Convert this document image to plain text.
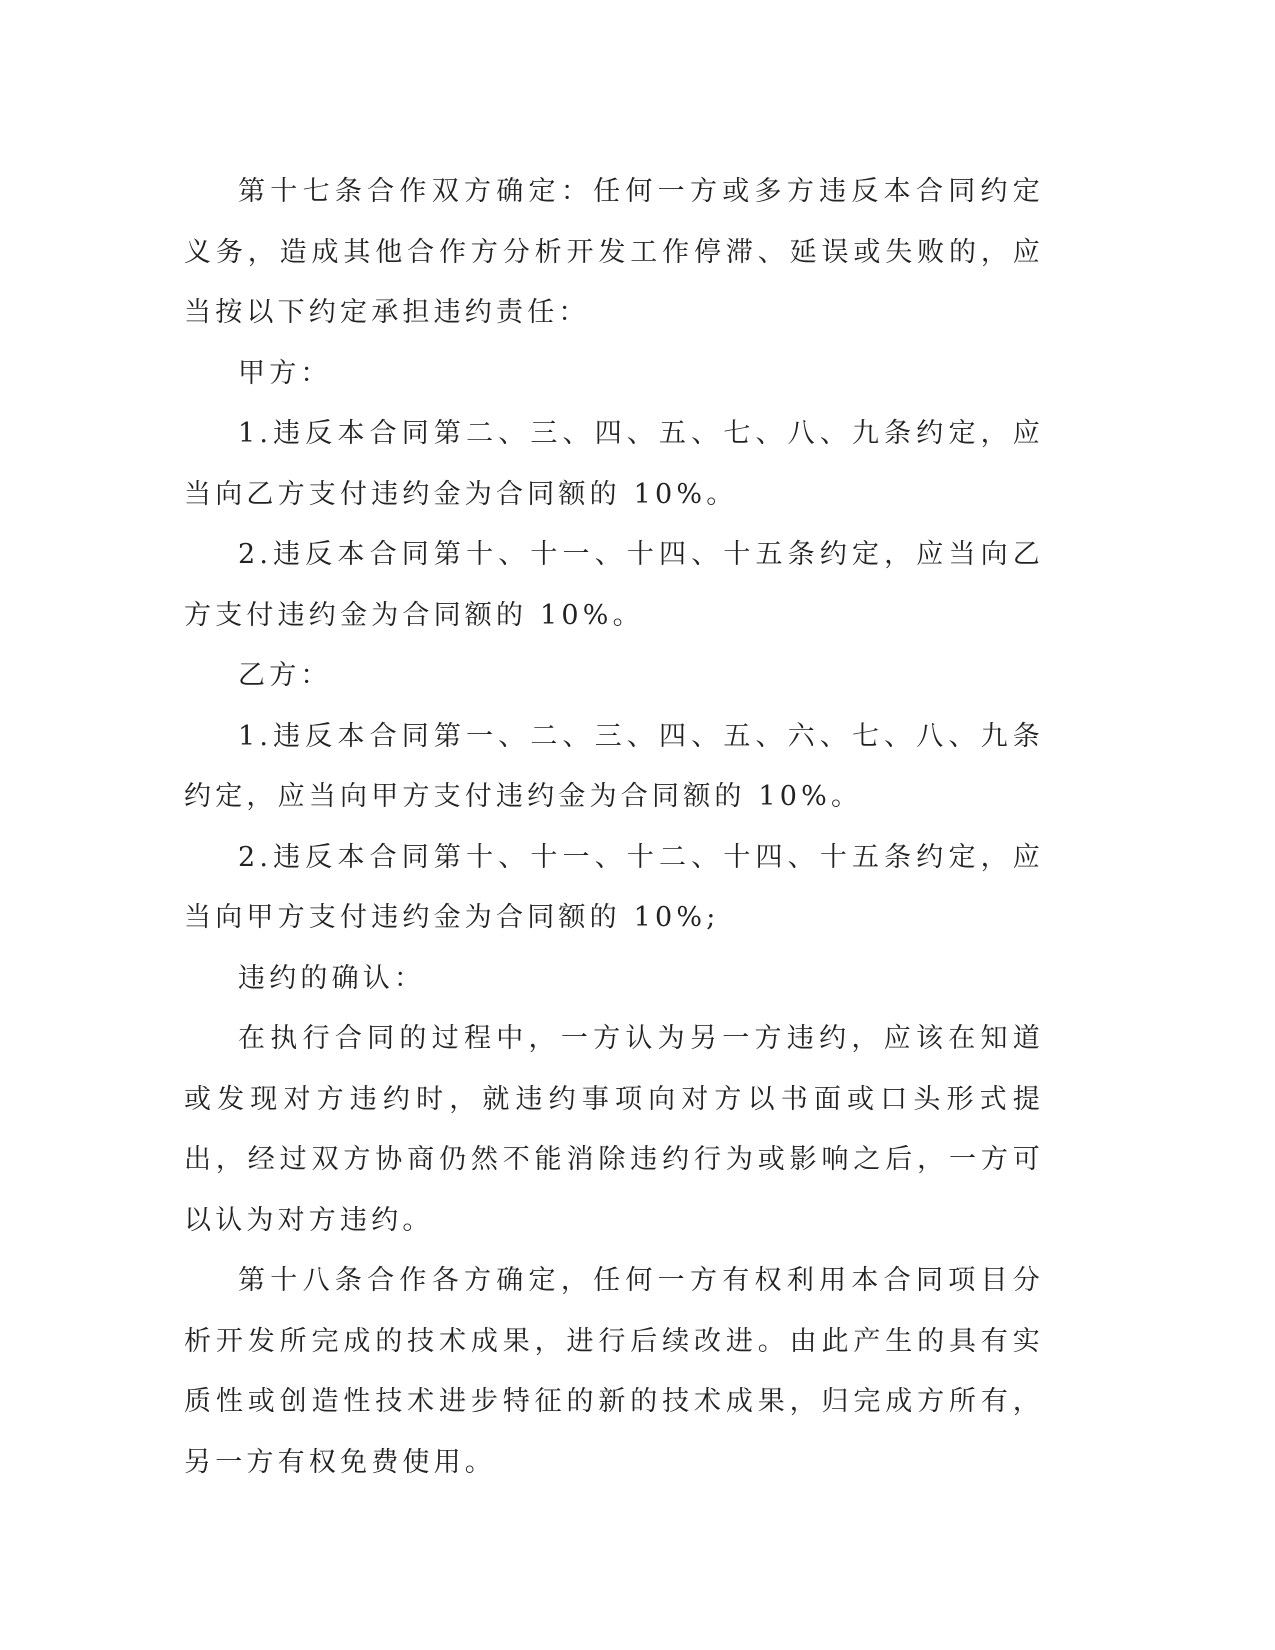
第十七条合作双方确定：任何一方或多方违反本合同约定义务，造成其他合作方分析开发工作停滞、延误或失败的，应当按以下约定承担违约责任：

甲方：

1.违反本合同第二、三、四、五、七、八、九条约定，应当向乙方支付违约金为合同额的 10%。

2.违反本合同第十、十一、十四、十五条约定，应当向乙方支付违约金为合同额的 10%。

乙方：

1.违反本合同第一、二、三、四、五、六、七、八、九条约定，应当向甲方支付违约金为合同额的 10%。

2.违反本合同第十、十一、十二、十四、十五条约定，应当向甲方支付违约金为合同额的 10%;

违约的确认：

在执行合同的过程中，一方认为另一方违约，应该在知道或发现对方违约时，就违约事项向对方以书面或口头形式提出，经过双方协商仍然不能消除违约行为或影响之后，一方可以认为对方违约。

第十八条合作各方确定，任何一方有权利用本合同项目分析开发所完成的技术成果，进行后续改进。由此产生的具有实质性或创造性技术进步特征的新的技术成果，归完成方所有，另一方有权免费使用。
